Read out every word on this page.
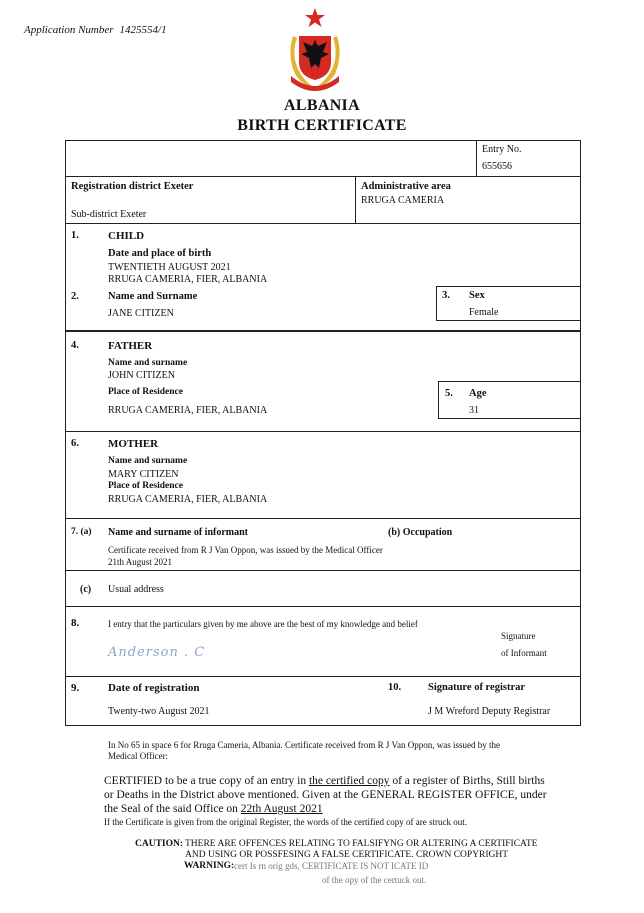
Application Number 1425554/1
ALBANIA
BIRTH CERTIFICATE
Entry No.
655656
Registration district Exeter
Sub-district Exeter
Administrative area
RRUGA CAMERIA
1.	CHILD
Date and place of birth
TWENTIETH AUGUST 2021
RRUGA CAMERIA, FIER, ALBANIA
2.	Name and Surname
JANE CITIZEN
3. Sex
Female
4.	FATHER
Name and surname
JOHN CITIZEN
Place of Residence
RRUGA CAMERIA, FIER, ALBANIA
5. Age
31
6.	MOTHER
Name and surname
MARY CITIZEN
Place of Residence
RRUGA CAMERIA, FIER, ALBANIA
7. (a) Name and surname of informant	(b) Occupation
Certificate received from R J Van Oppon, was issued by the Medical Officer
21th August 2021
(c) Usual address
8.	I entry that the particulars given by me above are the best of my knowledge and belief
Signature
of Informant
Anderson . C
9.	Date of registration
Twenty-two August 2021
10.	Signature of registrar
J M Wreford Deputy Registrar
In No 65 in space 6 for Rruga Cameria, Albania. Certificate received from R J Van Oppon, was issued by the
Medical Officer:
CERTIFIED to be a true copy of an entry in the certified copy of a register of Births, Still births
or Deaths in the District above mentioned. Given at the GENERAL REGISTER OFFICE, under
the Seal of the said Office on 22th August 2021
If the Certificate is given from the original Register, the words of the certified copy of are struck out.
CAUTION: THERE ARE OFFENCES RELATING TO FALSIFYNG OR ALTERING A CERTIFICATE
AND USING OR POSSFESING A FALSE CERTIFICATE. CROWN COPYRIGHT
WARNING: cert Is rn orig gds, CERTIFICATE IS NOT ICATE ID
of the opy of the certuck out.
